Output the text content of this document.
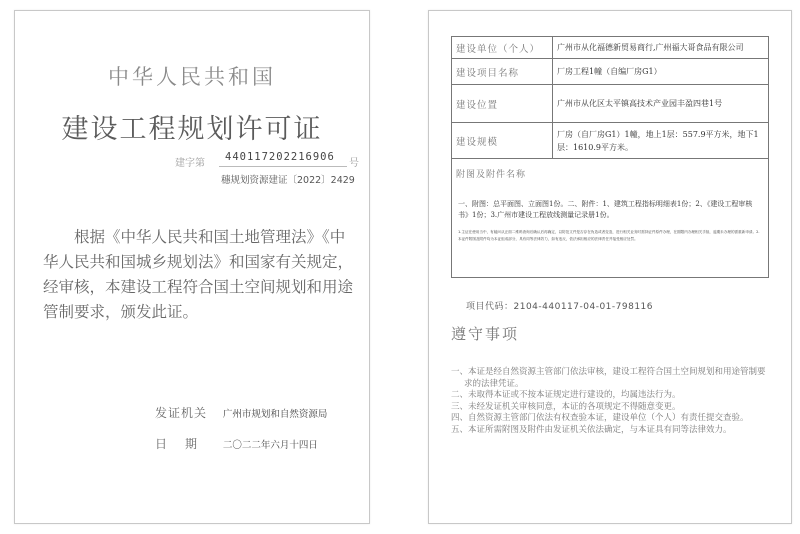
中华人民共和国
建设工程规划许可证
建字第
440117202216906
号
穗规划资源建证〔2022〕2429
根据《中华人民共和国土地管理法》《中华人民共和国城乡规划法》和国家有关规定，经审核，本建设工程符合国土空间规划和用途管制要求，颁发此证。
发证机关 广州市规划和自然资源局
日期 二〇二二年六月十四日
建设单位（个人）	广州市从化福德新贸易商行,广州福大哥食品有限公司
建设项目名称	厂房工程1幢（自编厂房G1）
建设位置	广州市从化区太平镇高技术产业园丰盈四巷1号
建设规模	厂房（自厂房G1）1幢，地上1层：557.9平方米，地下1层：1610.9平方米。

附图及附件名称
一、附图：总平面图、立面图1份。二、附件：1、建筑工程指标明细表1份；2、《建设工程审核书》1份；3.广州市建设工程放线测量记录册1份。
1.主证在使用当中，有疑问从正面二维码查询后确认后再确定，以防范文件是否存在伪造或者变造，进行相关业务时需持证件原件办理，在期限内办理相关手续，逾期未办理的需重新申请。2.本证件附图及附件均为本证组成部分，具有同等法律效力，如有违反，依法承担相应的法律责任并接受相应处罚。	
项目代码：2104-440117-04-01-798116
遵守事项
一、本证是经自然资源主管部门依法审核，建设工程符合国土空间规划和用途管制要求的法律凭证。
二、未取得本证或不按本证规定进行建设的，均属违法行为。
三、未经发证机关审核同意，本证的各项规定不得随意变更。
四、自然资源主管部门依法有权查验本证，建设单位（个人）有责任提交查验。
五、本证所需附图及附件由发证机关依法确定，与本证具有同等法律效力。
